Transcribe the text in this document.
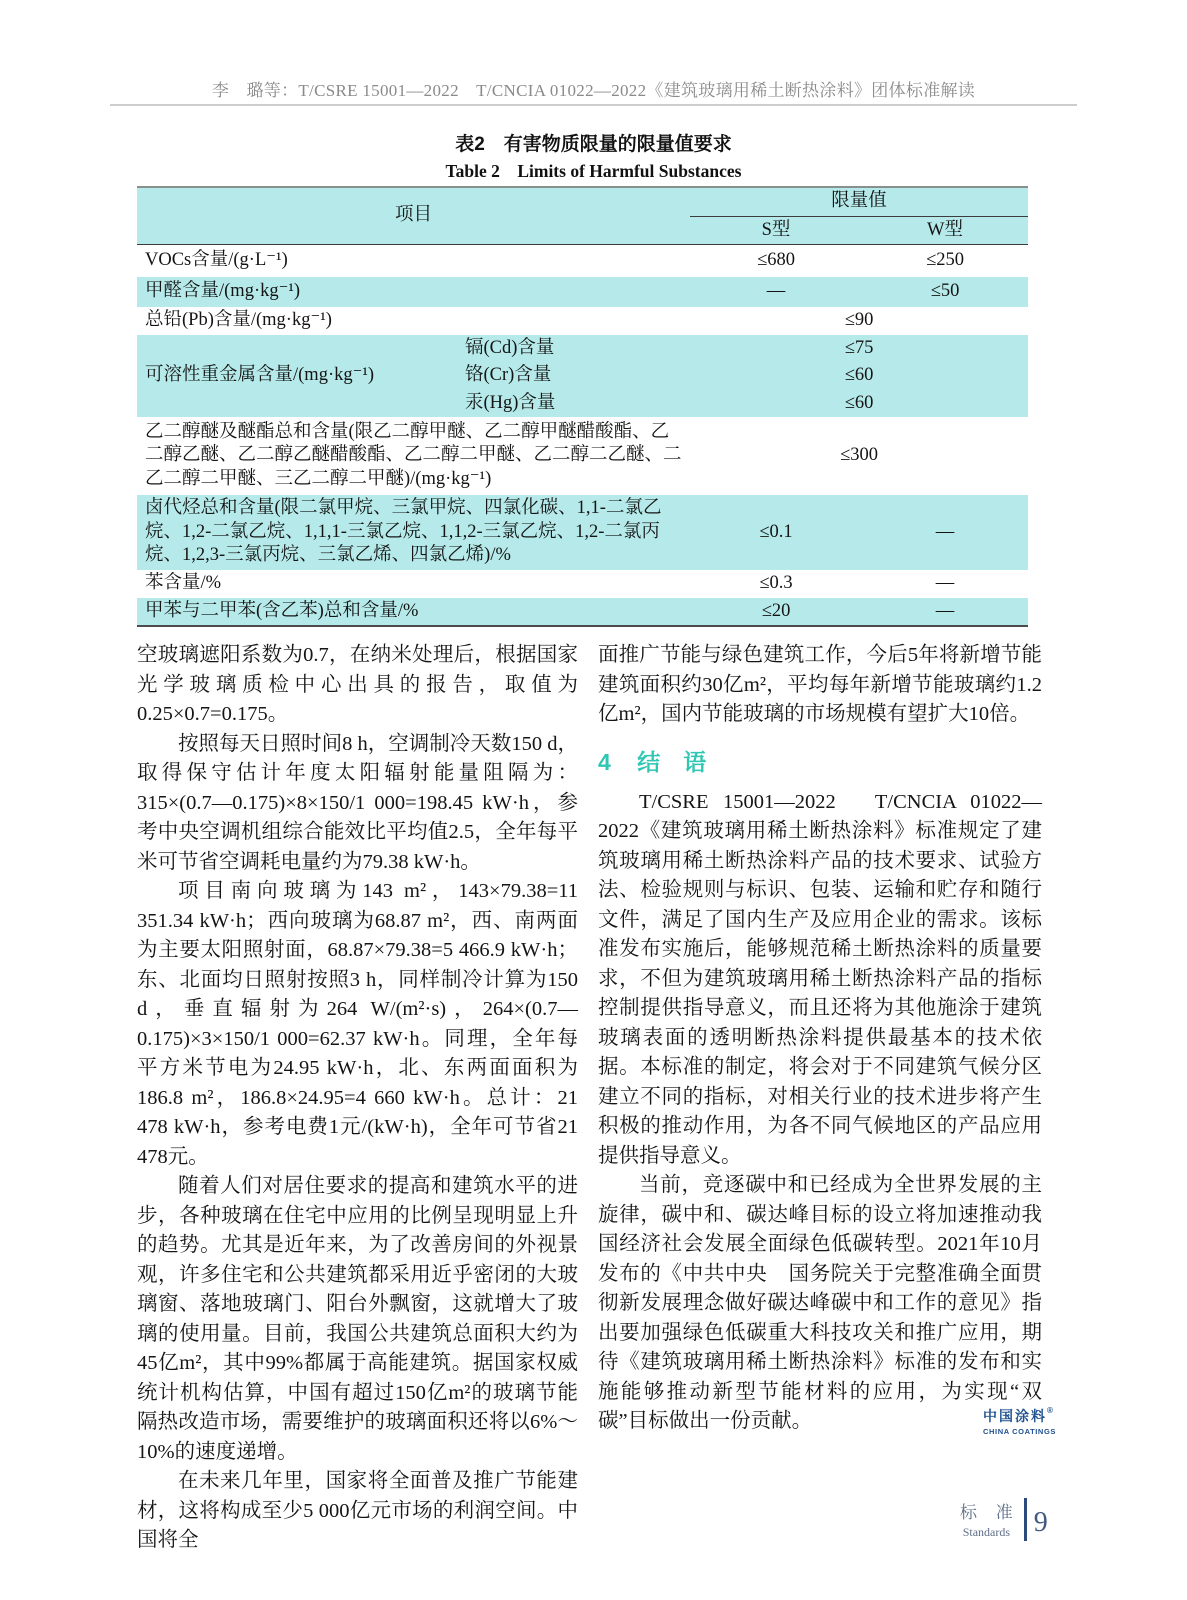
李　璐等：T/CSRE 15001—2022　T/CNCIA 01022—2022《建筑玻璃用稀土断热涂料》团体标准解读
表2　有害物质限量的限量值要求
Table 2　Limits of Harmful Substances
项目		限量值	
		S型	W型
VOCs含量/(g·L⁻¹)		≤680	≤250
甲醛含量/(mg·kg⁻¹)		—	≤50
总铅(Pb)含量/(mg·kg⁻¹)		≤90	
可溶性重金属含量/(mg·kg⁻¹)	镉(Cd)含量	≤75	
	铬(Cr)含量	≤60	
	汞(Hg)含量	≤60	
乙二醇醚及醚酯总和含量(限乙二醇甲醚、乙二醇甲醚醋酸酯、乙二醇乙醚、乙二醇乙醚醋酸酯、乙二醇二甲醚、乙二醇二乙醚、二乙二醇二甲醚、三乙二醇二甲醚)/(mg·kg⁻¹)		≤300	
卤代烃总和含量(限二氯甲烷、三氯甲烷、四氯化碳、1,1-二氯乙烷、1,2-二氯乙烷、1,1,1-三氯乙烷、1,1,2-三氯乙烷、1,2-二氯丙烷、1,2,3-三氯丙烷、三氯乙烯、四氯乙烯)/%		≤0.1	—
苯含量/%		≤0.3	—
甲苯与二甲苯(含乙苯)总和含量/%		≤20	—

空玻璃遮阳系数为0.7，在纳米处理后，根据国家光学玻璃质检中心出具的报告，取值为0.25×0.7=0.175。

按照每天日照时间8 h，空调制冷天数150 d，取得保守估计年度太阳辐射能量阻隔为：315×(0.7—0.175)×8×150/1 000=198.45 kW·h，参考中央空调机组综合能效比平均值2.5，全年每平米可节省空调耗电量约为79.38 kW·h。

项目南向玻璃为143 m²，143×79.38=11 351.34 kW·h；西向玻璃为68.87 m²，西、南两面为主要太阳照射面，68.87×79.38=5 466.9 kW·h；东、北面均日照射按照3 h，同样制冷计算为150 d，垂直辐射为264 W/(m²·s)，264×(0.7—0.175)×3×150/1 000=62.37 kW·h。同理，全年每平方米节电为24.95 kW·h，北、东两面面积为186.8 m²，186.8×24.95=4 660 kW·h。总计：21 478 kW·h，参考电费1元/(kW·h)，全年可节省21 478元。

随着人们对居住要求的提高和建筑水平的进步，各种玻璃在住宅中应用的比例呈现明显上升的趋势。尤其是近年来，为了改善房间的外视景观，许多住宅和公共建筑都采用近乎密闭的大玻璃窗、落地玻璃门、阳台外飘窗，这就增大了玻璃的使用量。目前，我国公共建筑总面积大约为45亿m²，其中99%都属于高能建筑。据国家权威统计机构估算，中国有超过150亿m²的玻璃节能隔热改造市场，需要维护的玻璃面积还将以6%～10%的速度递增。

在未来几年里，国家将全面普及推广节能建材，这将构成至少5 000亿元市场的利润空间。中国将全

面推广节能与绿色建筑工作，今后5年将新增节能建筑面积约30亿m²，平均每年新增节能玻璃约1.2亿m²，国内节能玻璃的市场规模有望扩大10倍。

4 结　语

T/CSRE 15001—2022　T/CNCIA 01022—2022《建筑玻璃用稀土断热涂料》标准规定了建筑玻璃用稀土断热涂料产品的技术要求、试验方法、检验规则与标识、包装、运输和贮存和随行文件，满足了国内生产及应用企业的需求。该标准发布实施后，能够规范稀土断热涂料的质量要求，不但为建筑玻璃用稀土断热涂料产品的指标控制提供指导意义，而且还将为其他施涂于建筑玻璃表面的透明断热涂料提供最基本的技术依据。本标准的制定，将会对于不同建筑气候分区建立不同的指标，对相关行业的技术进步将产生积极的推动作用，为各不同气候地区的产品应用提供指导意义。

当前，竞逐碳中和已经成为全世界发展的主旋律，碳中和、碳达峰目标的设立将加速推动我国经济社会发展全面绿色低碳转型。2021年10月发布的《中共中央　国务院关于完整准确全面贯彻新发展理念做好碳达峰碳中和工作的意见》指出要加强绿色低碳重大科技攻关和推广应用，期待《建筑玻璃用稀土断热涂料》标准的发布和实施能够推动新型节能材料的应用，为实现“双碳”目标做出一份贡献。	中国涂料®
CHINA COATINGS
标 准
Standards 9
